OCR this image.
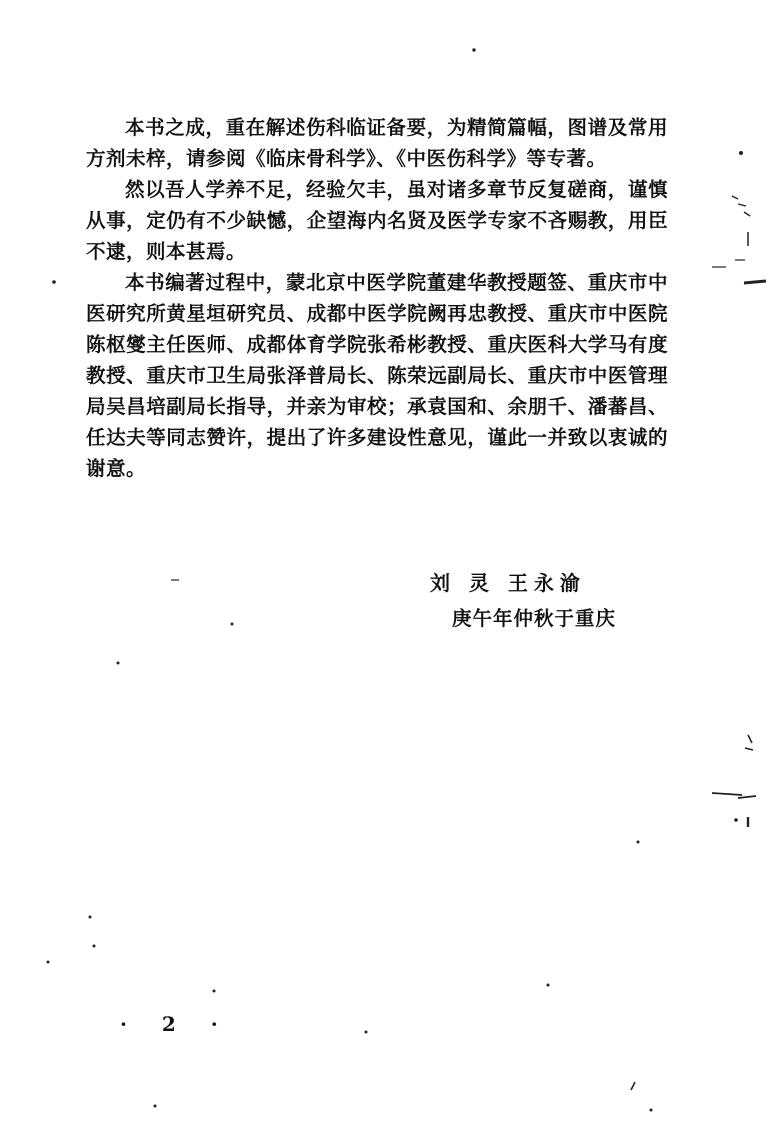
本书之成，重在解述伤科临证备要，为精简篇幅，图谱及常用方剂未梓，请参阅《临床骨科学》、《中医伤科学》等专著。

然以吾人学养不足，经验欠丰，虽对诸多章节反复磋商，谨慎从事，定仍有不少缺憾，企望海内名贤及医学专家不吝赐教，用臣不逮，则本甚焉。

本书编著过程中，蒙北京中医学院董建华教授题签、重庆市中医研究所黄星垣研究员、成都中医学院阙再忠教授、重庆市中医院陈枢燮主任医师、成都体育学院张希彬教授、重庆医科大学马有度教授、重庆市卫生局张泽普局长、陈荣远副局长、重庆市中医管理局吴昌培副局长指导，并亲为审校；承袁国和、余朋千、潘蕃昌、任达夫等同志赞许，提出了许多建设性意见，谨此一并致以衷诚的谢意。

刘 灵 王永渝
庚午年仲秋于重庆
· 2 ·
